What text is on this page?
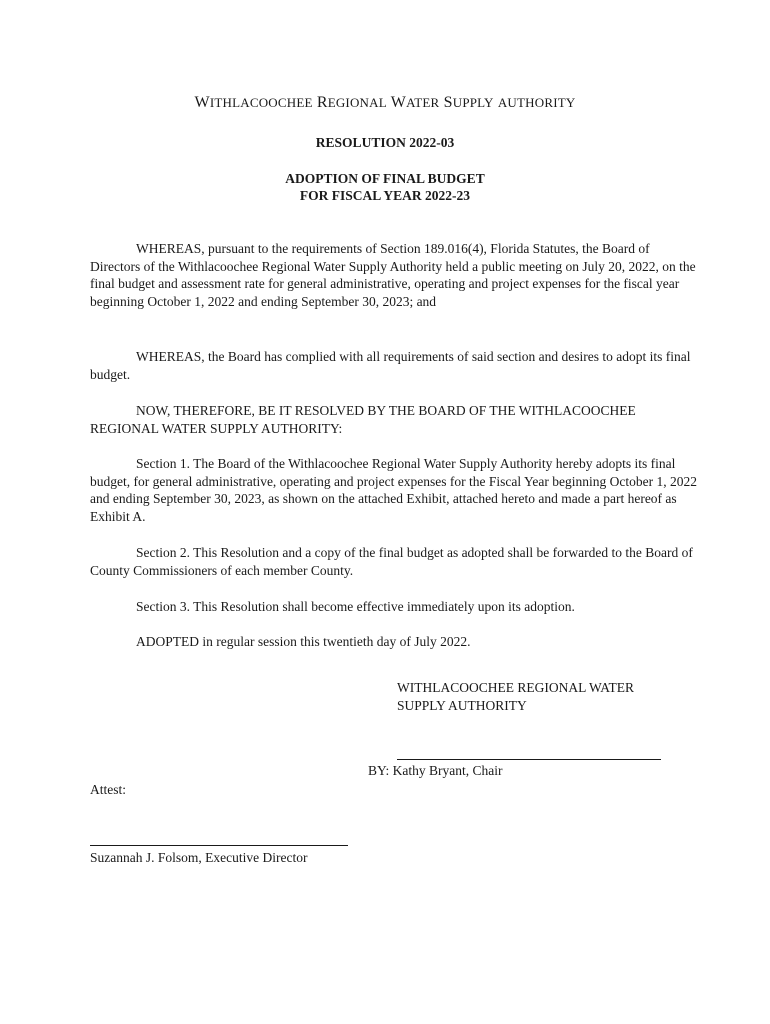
WITHLACOOCHEE REGIONAL WATER SUPPLY AUTHORITY
RESOLUTION 2022-03
ADOPTION OF FINAL BUDGET
FOR FISCAL YEAR 2022-23

WHEREAS, pursuant to the requirements of Section 189.016(4), Florida Statutes, the Board of Directors of the Withlacoochee Regional Water Supply Authority held a public meeting on July 20, 2022, on the final budget and assessment rate for general administrative, operating and project expenses for the fiscal year beginning October 1, 2022 and ending September 30, 2023; and

WHEREAS, the Board has complied with all requirements of said section and desires to adopt its final budget.

NOW, THEREFORE, BE IT RESOLVED BY THE BOARD OF THE WITHLACOOCHEE REGIONAL WATER SUPPLY AUTHORITY:

Section 1. The Board of the Withlacoochee Regional Water Supply Authority hereby adopts its final budget, for general administrative, operating and project expenses for the Fiscal Year beginning October 1, 2022 and ending September 30, 2023, as shown on the attached Exhibit, attached hereto and made a part hereof as Exhibit A.

Section 2. This Resolution and a copy of the final budget as adopted shall be forwarded to the Board of County Commissioners of each member County.

Section 3. This Resolution shall become effective immediately upon its adoption.

ADOPTED in regular session this twentieth day of July 2022.

WITHLACOOCHEE REGIONAL WATER
SUPPLY AUTHORITY
BY: Kathy Bryant, Chair
Attest:
Suzannah J. Folsom, Executive Director
